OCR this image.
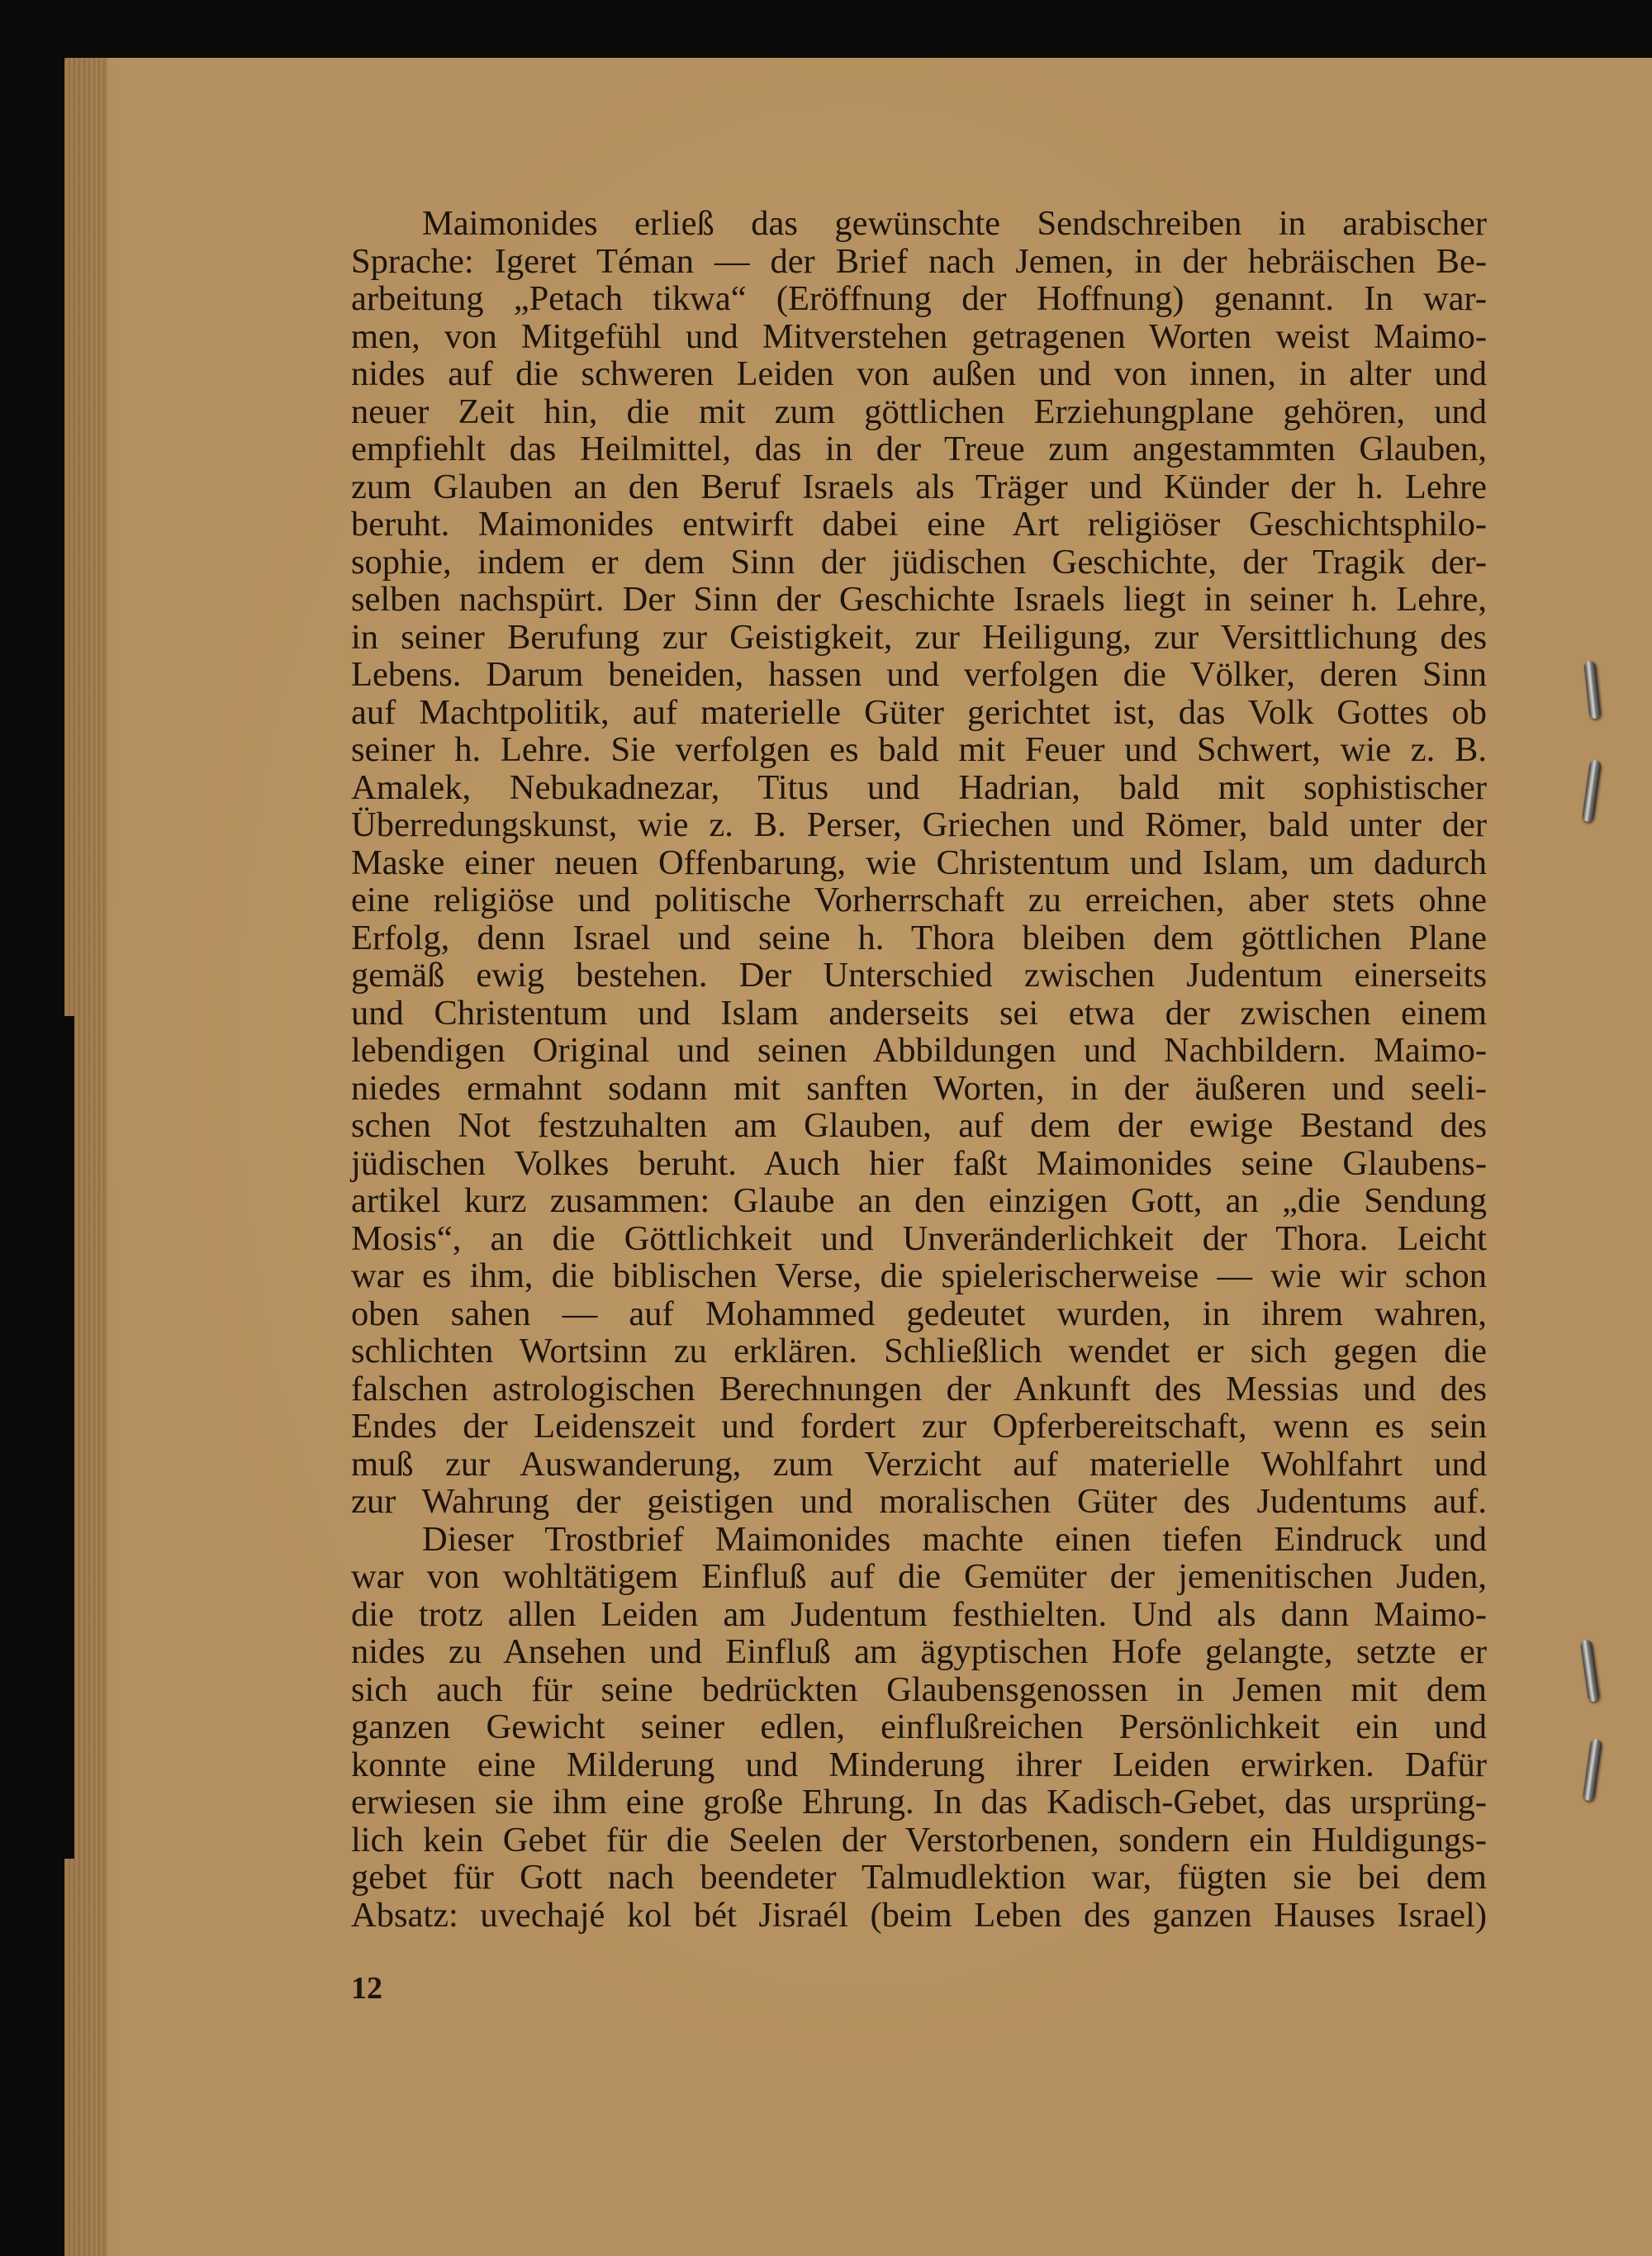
Maimonides erließ das gewünschte Sendschreiben in arabischer
Sprache: Igeret Téman — der Brief nach Jemen, in der hebräischen Be-
arbeitung „Petach tikwa“ (Eröffnung der Hoffnung) genannt. In war-
men, von Mitgefühl und Mitverstehen getragenen Worten weist Maimo-
nides auf die schweren Leiden von außen und von innen, in alter und
neuer Zeit hin, die mit zum göttlichen Erziehungplane gehören, und
empfiehlt das Heilmittel, das in der Treue zum angestammten Glauben,
zum Glauben an den Beruf Israels als Träger und Künder der h. Lehre
beruht. Maimonides entwirft dabei eine Art religiöser Geschichtsphilo-
sophie, indem er dem Sinn der jüdischen Geschichte, der Tragik der-
selben nachspürt. Der Sinn der Geschichte Israels liegt in seiner h. Lehre,
in seiner Berufung zur Geistigkeit, zur Heiligung, zur Versittlichung des
Lebens. Darum beneiden, hassen und verfolgen die Völker, deren Sinn
auf Machtpolitik, auf materielle Güter gerichtet ist, das Volk Gottes ob
seiner h. Lehre. Sie verfolgen es bald mit Feuer und Schwert, wie z. B.
Amalek, Nebukadnezar, Titus und Hadrian, bald mit sophistischer
Überredungskunst, wie z. B. Perser, Griechen und Römer, bald unter der
Maske einer neuen Offenbarung, wie Christentum und Islam, um dadurch
eine religiöse und politische Vorherrschaft zu erreichen, aber stets ohne
Erfolg, denn Israel und seine h. Thora bleiben dem göttlichen Plane
gemäß ewig bestehen. Der Unterschied zwischen Judentum einerseits
und Christentum und Islam anderseits sei etwa der zwischen einem
lebendigen Original und seinen Abbildungen und Nachbildern. Maimo-
niedes ermahnt sodann mit sanften Worten, in der äußeren und seeli-
schen Not festzuhalten am Glauben, auf dem der ewige Bestand des
jüdischen Volkes beruht. Auch hier faßt Maimonides seine Glaubens-
artikel kurz zusammen: Glaube an den einzigen Gott, an „die Sendung
Mosis“, an die Göttlichkeit und Unveränderlichkeit der Thora. Leicht
war es ihm, die biblischen Verse, die spielerischerweise — wie wir schon
oben sahen — auf Mohammed gedeutet wurden, in ihrem wahren,
schlichten Wortsinn zu erklären. Schließlich wendet er sich gegen die
falschen astrologischen Berechnungen der Ankunft des Messias und des
Endes der Leidenszeit und fordert zur Opferbereitschaft, wenn es sein
muß zur Auswanderung, zum Verzicht auf materielle Wohlfahrt und
zur Wahrung der geistigen und moralischen Güter des Judentums auf.
Dieser Trostbrief Maimonides machte einen tiefen Eindruck und
war von wohltätigem Einfluß auf die Gemüter der jemenitischen Juden,
die trotz allen Leiden am Judentum festhielten. Und als dann Maimo-
nides zu Ansehen und Einfluß am ägyptischen Hofe gelangte, setzte er
sich auch für seine bedrückten Glaubensgenossen in Jemen mit dem
ganzen Gewicht seiner edlen, einflußreichen Persönlichkeit ein und
konnte eine Milderung und Minderung ihrer Leiden erwirken. Dafür
erwiesen sie ihm eine große Ehrung. In das Kadisch-Gebet, das ursprüng-
lich kein Gebet für die Seelen der Verstorbenen, sondern ein Huldigungs-
gebet für Gott nach beendeter Talmudlektion war, fügten sie bei dem
Absatz: uvechajé kol bét Jisraél (beim Leben des ganzen Hauses Israel)
12
